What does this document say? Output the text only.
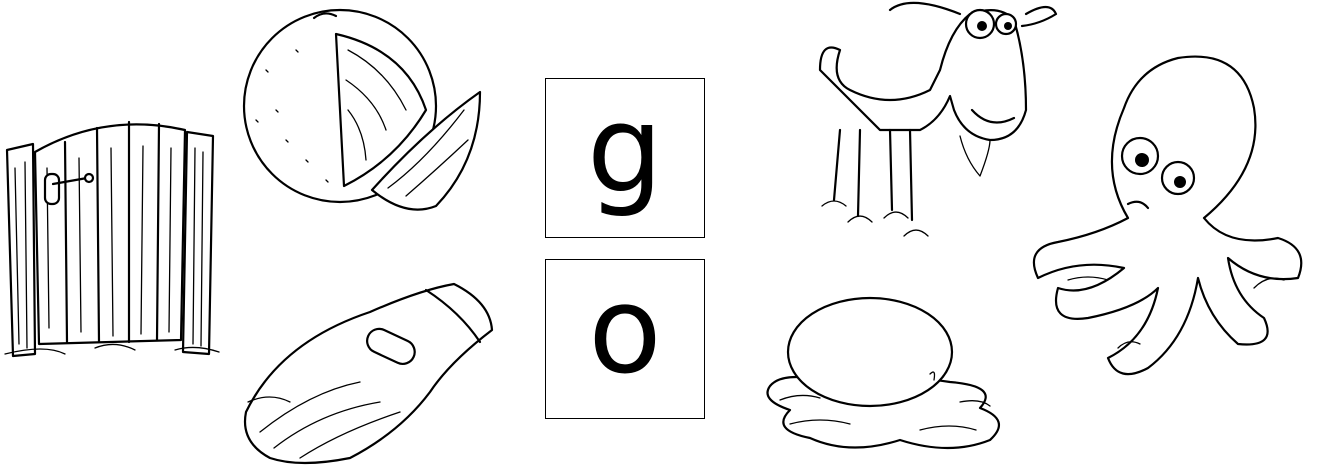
g
o
